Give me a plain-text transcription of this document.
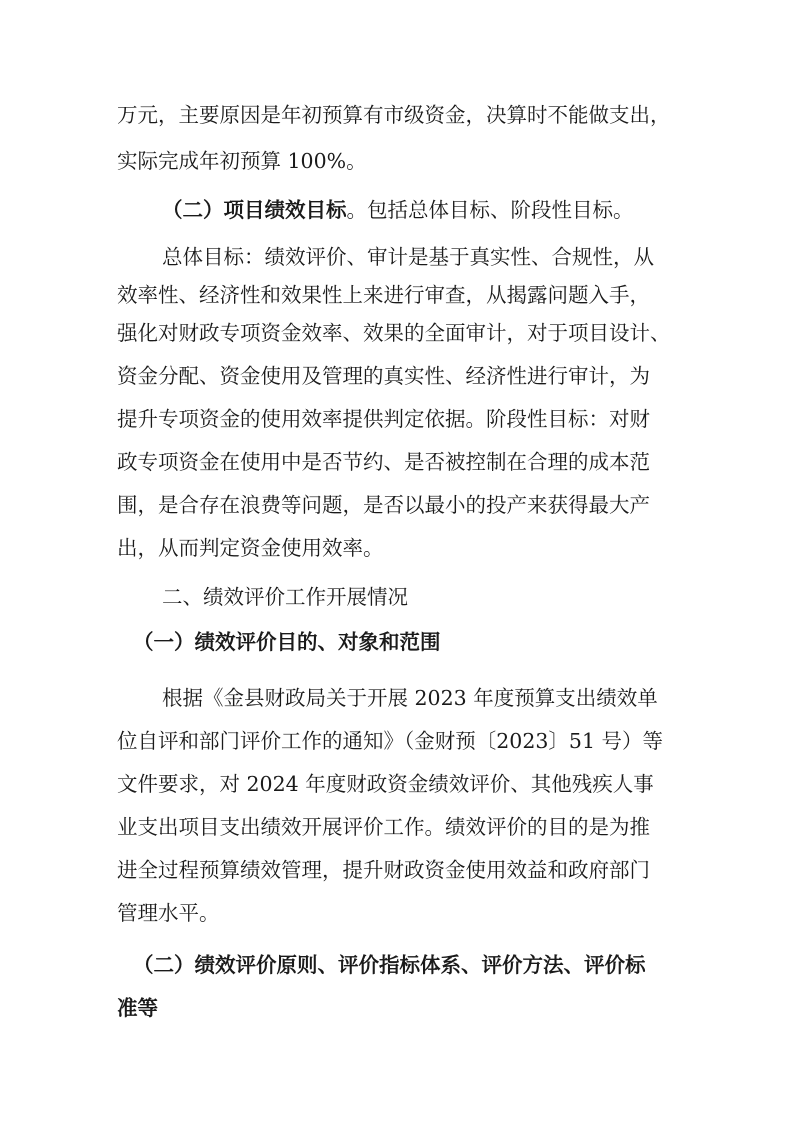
万元，主要原因是年初预算有市级资金，决算时不能做支出，
实际完成年初预算 100%。
（二）项目绩效目标。包括总体目标、阶段性目标。
总体目标：绩效评价、审计是基于真实性、合规性，从
效率性、经济性和效果性上来进行审查，从揭露问题入手，
强化对财政专项资金效率、效果的全面审计，对于项目设计、
资金分配、资金使用及管理的真实性、经济性进行审计，为
提升专项资金的使用效率提供判定依据。阶段性目标：对财
政专项资金在使用中是否节约、是否被控制在合理的成本范
围，是合存在浪费等问题，是否以最小的投产来获得最大产
出，从而判定资金使用效率。
二、绩效评价工作开展情况
（一）绩效评价目的、对象和范围
根据《金县财政局关于开展 2023 年度预算支出绩效单
位自评和部门评价工作的通知》（金财预〔2023〕51 号）等
文件要求，对 2024 年度财政资金绩效评价、其他残疾人事
业支出项目支出绩效开展评价工作。绩效评价的目的是为推
进全过程预算绩效管理，提升财政资金使用效益和政府部门
管理水平。
（二）绩效评价原则、评价指标体系、评价方法、评价标
准等
